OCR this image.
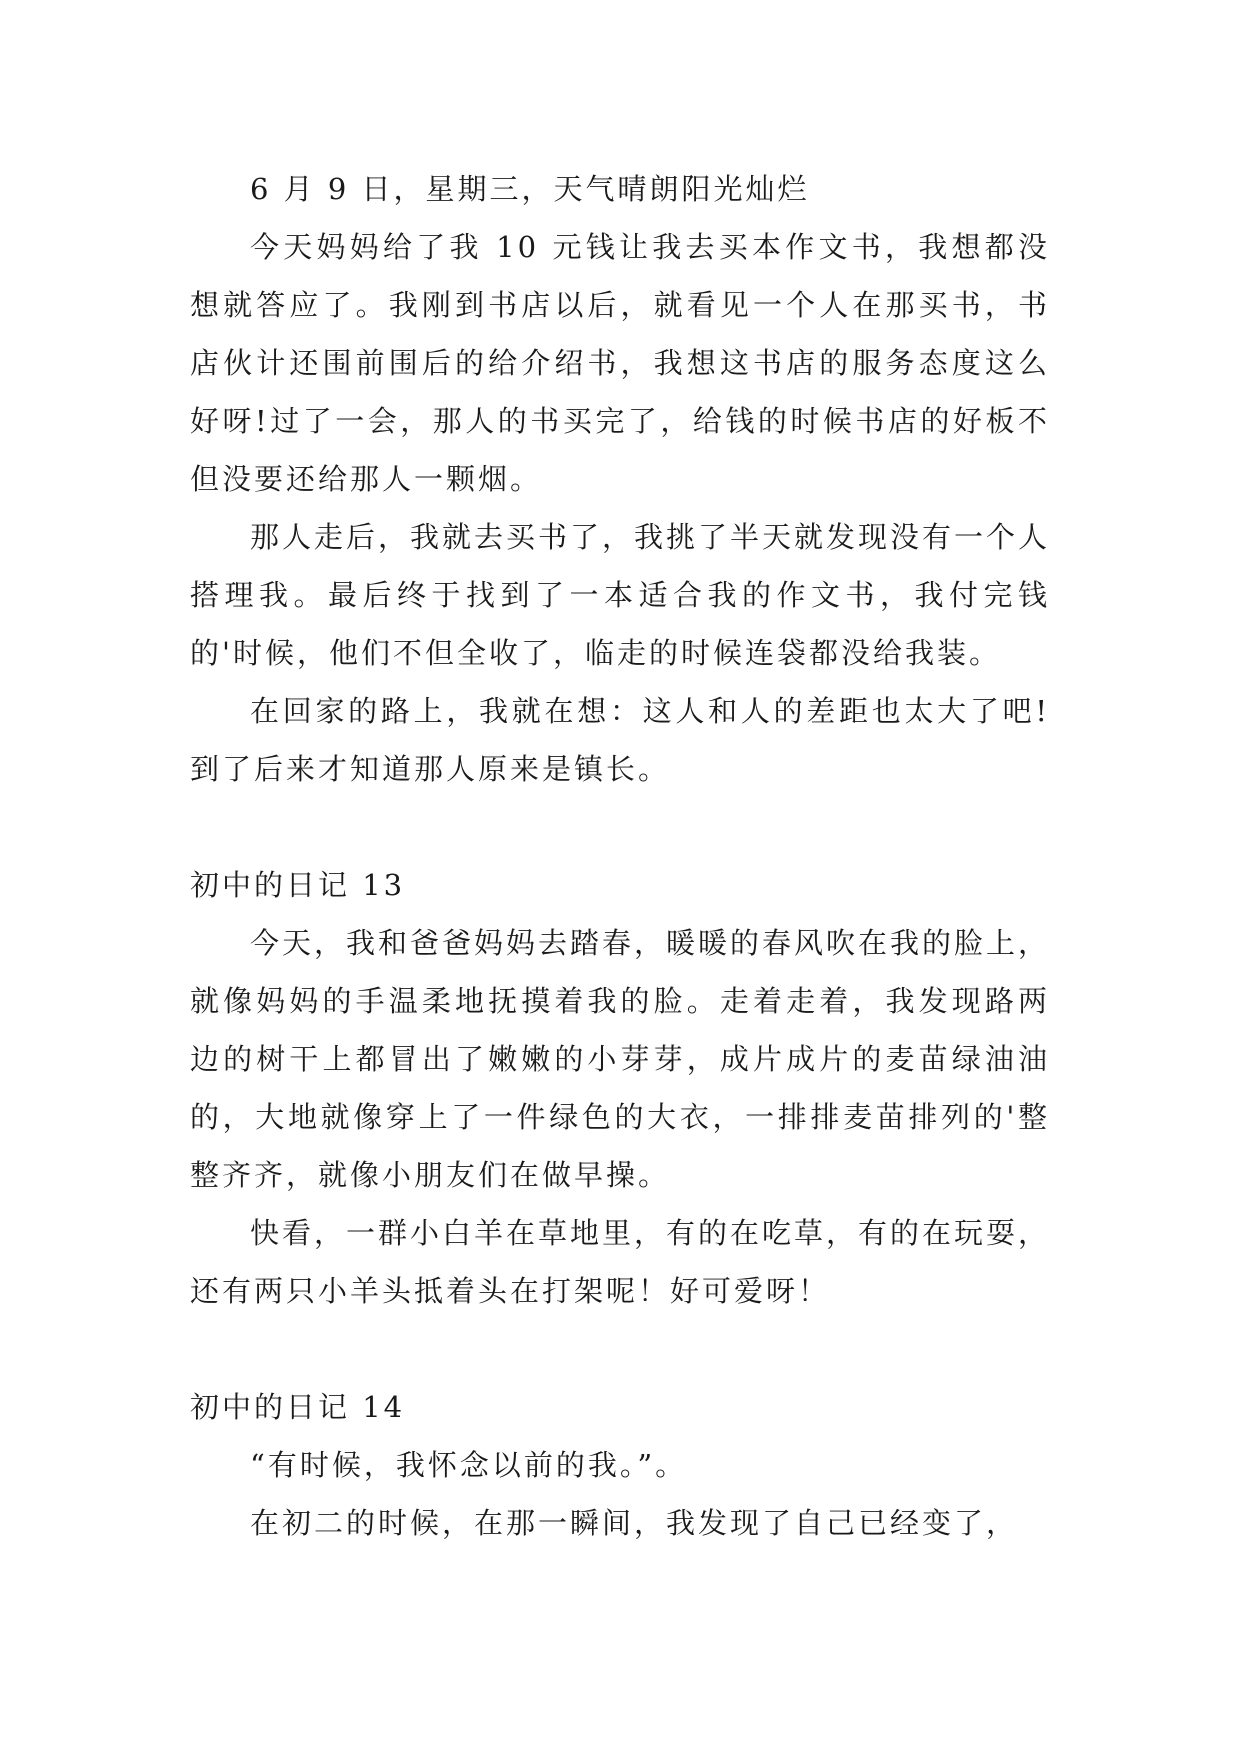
6 月 9 日，星期三，天气晴朗阳光灿烂

今天妈妈给了我 10 元钱让我去买本作文书，我想都没想就答应了。我刚到书店以后，就看见一个人在那买书，书店伙计还围前围后的给介绍书，我想这书店的服务态度这么好呀!过了一会，那人的书买完了，给钱的时候书店的好板不但没要还给那人一颗烟。

那人走后，我就去买书了，我挑了半天就发现没有一个人搭理我。最后终于找到了一本适合我的作文书，我付完钱的'时候，他们不但全收了，临走的时候连袋都没给我装。

在回家的路上，我就在想：这人和人的差距也太大了吧!到了后来才知道那人原来是镇长。

初中的日记 13

今天，我和爸爸妈妈去踏春，暖暖的春风吹在我的脸上，就像妈妈的手温柔地抚摸着我的脸。走着走着，我发现路两边的树干上都冒出了嫩嫩的小芽芽，成片成片的麦苗绿油油的，大地就像穿上了一件绿色的大衣，一排排麦苗排列的'整整齐齐，就像小朋友们在做早操。

快看，一群小白羊在草地里，有的在吃草，有的在玩耍，还有两只小羊头抵着头在打架呢！好可爱呀！

初中的日记 14

“有时候，我怀念以前的我。”。

在初二的时候，在那一瞬间，我发现了自己已经变了，
